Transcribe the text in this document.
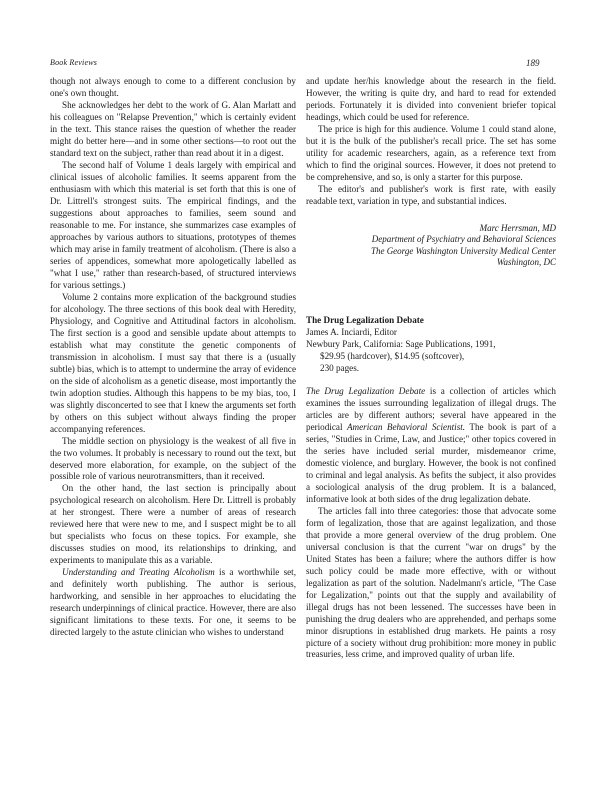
Book Reviews	189

though not always enough to come to a different conclusion by one's own thought.

She acknowledges her debt to the work of G. Alan Marlatt and his colleagues on "Relapse Prevention," which is certainly evident in the text. This stance raises the question of whether the reader might do better here—and in some other sections—to root out the standard text on the subject, rather than read about it in a digest.

The second half of Volume 1 deals largely with empirical and clinical issues of alcoholic families. It seems apparent from the enthusiasm with which this material is set forth that this is one of Dr. Littrell's strongest suits. The empirical findings, and the suggestions about approaches to families, seem sound and reasonable to me. For instance, she summarizes case examples of approaches by various authors to situations, prototypes of themes which may arise in family treatment of alcoholism. (There is also a series of appendices, somewhat more apologetically labelled as "what I use," rather than research-based, of structured interviews for various settings.)

Volume 2 contains more explication of the background studies for alcohology. The three sections of this book deal with Heredity, Physiology, and Cognitive and Attitudinal factors in alcoholism. The first section is a good and sensible update about attempts to establish what may constitute the genetic components of transmission in alcoholism. I must say that there is a (usually subtle) bias, which is to attempt to undermine the array of evidence on the side of alcoholism as a genetic disease, most importantly the twin adoption studies. Although this happens to be my bias, too, I was slightly disconcerted to see that I knew the arguments set forth by others on this subject without always finding the proper accompanying references.

The middle section on physiology is the weakest of all five in the two volumes. It probably is necessary to round out the text, but deserved more elaboration, for example, on the subject of the possible role of various neurotransmitters, than it received.

On the other hand, the last section is principally about psychological research on alcoholism. Here Dr. Littrell is probably at her strongest. There were a number of areas of research reviewed here that were new to me, and I suspect might be to all but specialists who focus on these topics. For example, she discusses studies on mood, its relationships to drinking, and experiments to manipulate this as a variable.

Understanding and Treating Alcoholism is a worthwhile set, and definitely worth publishing. The author is serious, hardworking, and sensible in her approaches to elucidating the research underpinnings of clinical practice. However, there are also significant limitations to these texts. For one, it seems to be directed largely to the astute clinician who wishes to understand

and update her/his knowledge about the research in the field. However, the writing is quite dry, and hard to read for extended periods. Fortunately it is divided into convenient briefer topical headings, which could be used for reference.

The price is high for this audience. Volume 1 could stand alone, but it is the bulk of the publisher's recall price. The set has some utility for academic researchers, again, as a reference text from which to find the original sources. However, it does not pretend to be comprehensive, and so, is only a starter for this purpose.

The editor's and publisher's work is first rate, with easily readable text, variation in type, and substantial indices.

Marc Herrsman, MD
Department of Psychiatry and Behavioral Sciences
The George Washington University Medical Center
Washington, DC
The Drug Legalization Debate
James A. Inciardi, Editor
Newbury Park, California: Sage Publications, 1991,
$29.95 (hardcover), $14.95 (softcover),
230 pages.

The Drug Legalization Debate is a collection of articles which examines the issues surrounding legalization of illegal drugs. The articles are by different authors; several have appeared in the periodical American Behavioral Scientist. The book is part of a series, "Studies in Crime, Law, and Justice;" other topics covered in the series have included serial murder, misdemeanor crime, domestic violence, and burglary. However, the book is not confined to criminal and legal analysis. As befits the subject, it also provides a sociological analysis of the drug problem. It is a balanced, informative look at both sides of the drug legalization debate.

The articles fall into three categories: those that advocate some form of legalization, those that are against legalization, and those that provide a more general overview of the drug problem. One universal conclusion is that the current "war on drugs" by the United States has been a failure; where the authors differ is how such policy could be made more effective, with or without legalization as part of the solution. Nadelmann's article, "The Case for Legalization," points out that the supply and availability of illegal drugs has not been lessened. The successes have been in punishing the drug dealers who are apprehended, and perhaps some minor disruptions in established drug markets. He paints a rosy picture of a society without drug prohibition: more money in public treasuries, less crime, and improved quality of urban life.
